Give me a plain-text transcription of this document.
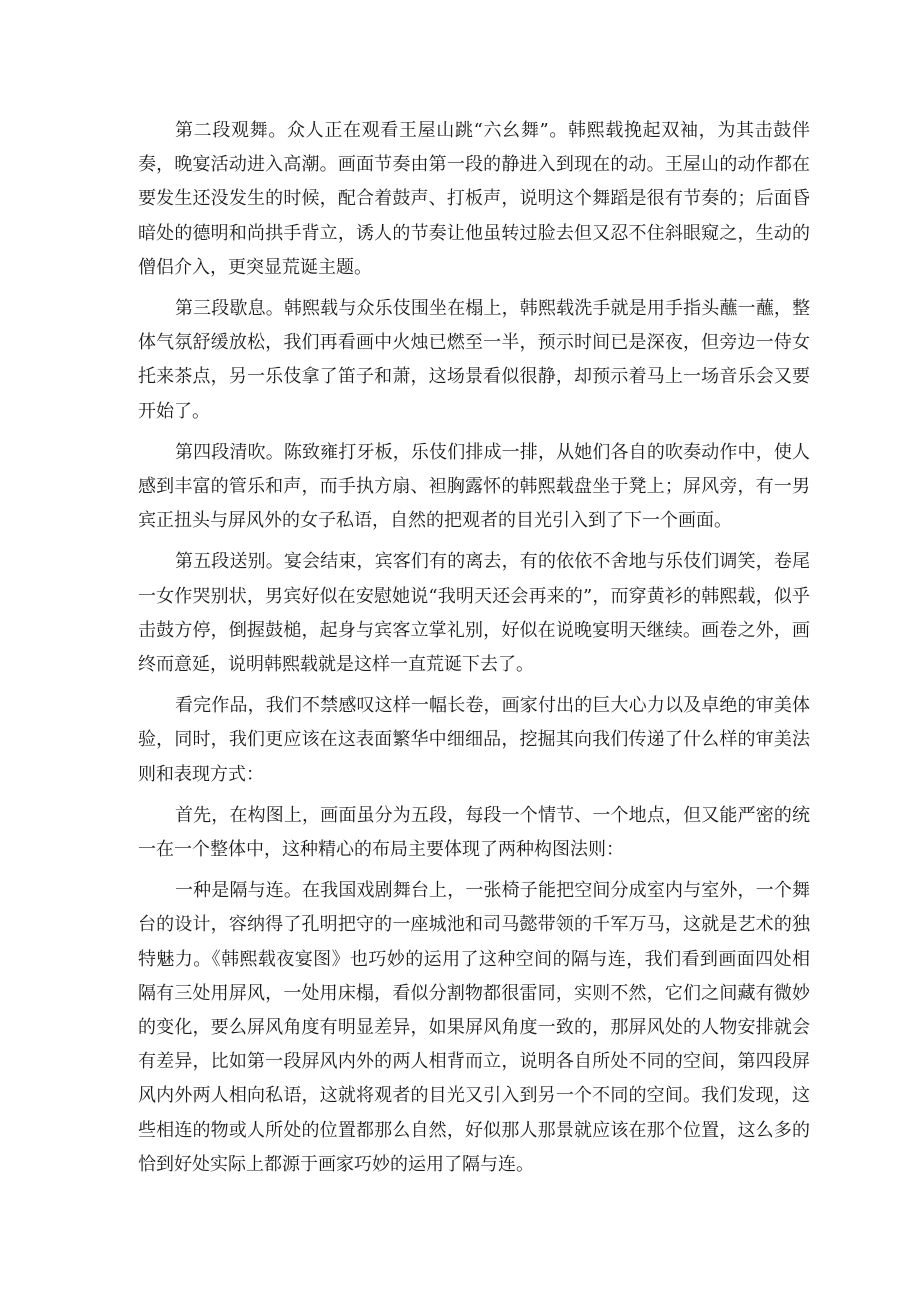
第二段观舞。众人正在观看王屋山跳“六幺舞”。韩熙载挽起双袖，为其击鼓伴奏，晚宴活动进入高潮。画面节奏由第一段的静进入到现在的动。王屋山的动作都在要发生还没发生的时候，配合着鼓声、打板声，说明这个舞蹈是很有节奏的；后面昏暗处的德明和尚拱手背立，诱人的节奏让他虽转过脸去但又忍不住斜眼窥之，生动的僧侣介入，更突显荒诞主题。

第三段歇息。韩熙载与众乐伎围坐在榻上，韩熙载洗手就是用手指头蘸一蘸，整体气氛舒缓放松，我们再看画中火烛已燃至一半，预示时间已是深夜，但旁边一侍女托来茶点，另一乐伎拿了笛子和萧，这场景看似很静，却预示着马上一场音乐会又要开始了。

第四段清吹。陈致雍打牙板，乐伎们排成一排，从她们各自的吹奏动作中，使人感到丰富的管乐和声，而手执方扇、袒胸露怀的韩熙载盘坐于凳上；屏风旁，有一男宾正扭头与屏风外的女子私语，自然的把观者的目光引入到了下一个画面。

第五段送别。宴会结束，宾客们有的离去，有的依依不舍地与乐伎们调笑，卷尾一女作哭别状，男宾好似在安慰她说“我明天还会再来的”，而穿黄衫的韩熙载，似乎击鼓方停，倒握鼓槌，起身与宾客立掌礼别，好似在说晚宴明天继续。画卷之外，画终而意延，说明韩熙载就是这样一直荒诞下去了。

看完作品，我们不禁感叹这样一幅长卷，画家付出的巨大心力以及卓绝的审美体验，同时，我们更应该在这表面繁华中细细品，挖掘其向我们传递了什么样的审美法则和表现方式：

首先，在构图上，画面虽分为五段，每段一个情节、一个地点，但又能严密的统一在一个整体中，这种精心的布局主要体现了两种构图法则：

一种是隔与连。在我国戏剧舞台上，一张椅子能把空间分成室内与室外，一个舞台的设计，容纳得了孔明把守的一座城池和司马懿带领的千军万马，这就是艺术的独特魅力。《韩熙载夜宴图》也巧妙的运用了这种空间的隔与连，我们看到画面四处相隔有三处用屏风，一处用床榻，看似分割物都很雷同，实则不然，它们之间藏有微妙的变化，要么屏风角度有明显差异，如果屏风角度一致的，那屏风处的人物安排就会有差异，比如第一段屏风内外的两人相背而立，说明各自所处不同的空间，第四段屏风内外两人相向私语，这就将观者的目光又引入到另一个不同的空间。我们发现，这些相连的物或人所处的位置都那么自然，好似那人那景就应该在那个位置，这么多的恰到好处实际上都源于画家巧妙的运用了隔与连。
